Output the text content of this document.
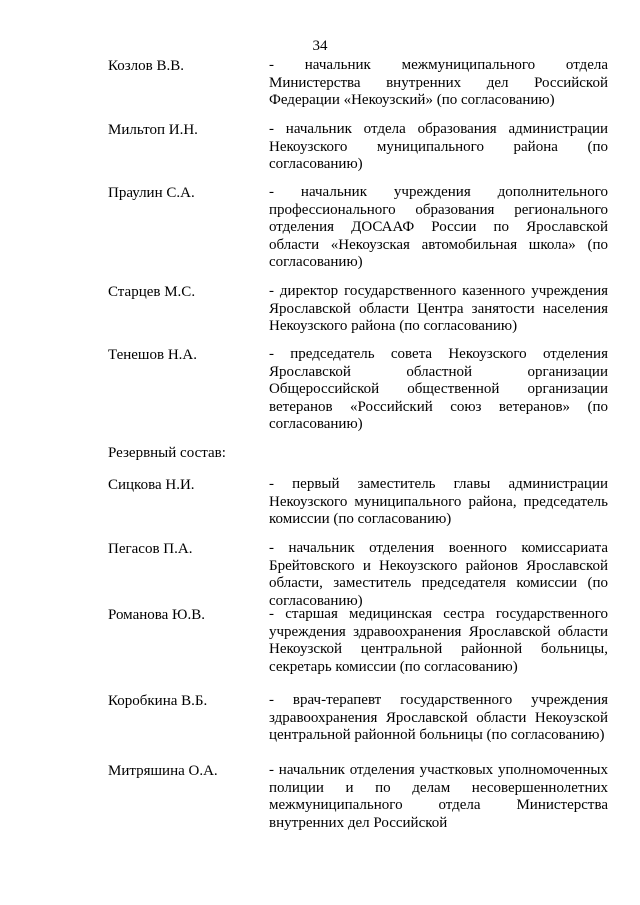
34
Козлов В.В.	- начальник межмуниципального отдела Министерства внутренних дел Российской Федерации «Некоузский» (по согласованию)
Мильтоп И.Н.	- начальник отдела образования администрации Некоузского муниципального района (по согласованию)
Праулин С.А.	- начальник учреждения дополнительного профессионального образования регионального отделения ДОСААФ России по Ярославской области «Некоузская автомобильная школа» (по согласованию)
Старцев М.С.	- директор государственного казенного учреждения Ярославской области Центра занятости населения Некоузского района (по согласованию)
Тенешов Н.А.	- председатель совета Некоузского отделения Ярославской областной организации Общероссийской общественной организации ветеранов «Российский союз ветеранов» (по согласованию)
Резервный состав:
Сицкова Н.И.	- первый заместитель главы администрации Некоузского муниципального района, председатель комиссии (по согласованию)
Пегасов П.А.	- начальник отделения военного комиссариата Брейтовского и Некоузского районов Ярославской области, заместитель председателя комиссии (по согласованию)
Романова Ю.В.	- старшая медицинская сестра государственного учреждения здравоохранения Ярославской области Некоузской центральной районной больницы, секретарь комиссии (по согласованию)
Коробкина В.Б.	- врач-терапевт государственного учреждения здравоохранения Ярославской области Некоузской центральной районной больницы (по согласованию)
Митряшина О.А.	- начальник отделения участковых уполномоченных полиции и по делам несовершеннолетних межмуниципального отдела Министерства внутренних дел Российской
